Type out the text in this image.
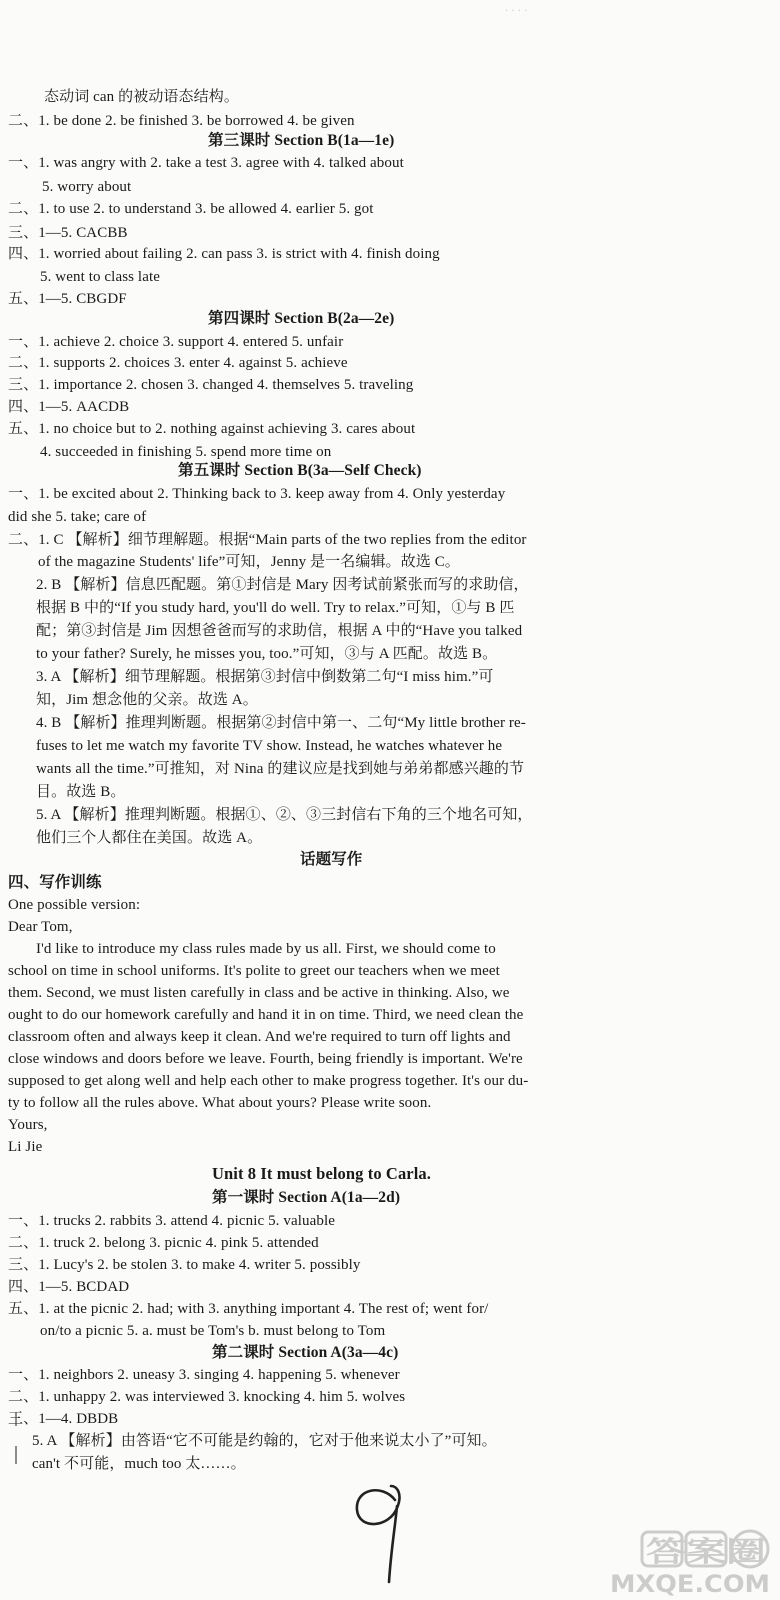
· · · ·
态动词 can 的被动语态结构。
二、1. be done 2. be finished 3. be borrowed 4. be given
第三课时 Section B(1a—1e)
一、1. was angry with 2. take a test 3. agree with 4. talked about
5. worry about
二、1. to use 2. to understand 3. be allowed 4. earlier 5. got
三、1—5. CACBB
四、1. worried about failing 2. can pass 3. is strict with 4. finish doing
5. went to class late
五、1—5. CBGDF
第四课时 Section B(2a—2e)
一、1. achieve 2. choice 3. support 4. entered 5. unfair
二、1. supports 2. choices 3. enter 4. against 5. achieve
三、1. importance 2. chosen 3. changed 4. themselves 5. traveling
四、1—5. AACDB
五、1. no choice but to 2. nothing against achieving 3. cares about
4. succeeded in finishing 5. spend more time on
第五课时 Section B(3a—Self Check)
一、1. be excited about 2. Thinking back to 3. keep away from 4. Only yesterday
did she 5. take; care of
二、1. C 【解析】细节理解题。根据“Main parts of the two replies from the editor
of the magazine Students' life”可知，Jenny 是一名编辑。故选 C。
2. B 【解析】信息匹配题。第①封信是 Mary 因考试前紧张而写的求助信，
根据 B 中的“If you study hard, you'll do well. Try to relax.”可知，①与 B 匹
配；第③封信是 Jim 因想爸爸而写的求助信，根据 A 中的“Have you talked
to your father? Surely, he misses you, too.”可知，③与 A 匹配。故选 B。
3. A 【解析】细节理解题。根据第③封信中倒数第二句“I miss him.”可
知，Jim 想念他的父亲。故选 A。
4. B 【解析】推理判断题。根据第②封信中第一、二句“My little brother re-
fuses to let me watch my favorite TV show. Instead, he watches whatever he
wants all the time.”可推知，对 Nina 的建议应是找到她与弟弟都感兴趣的节
目。故选 B。
5. A 【解析】推理判断题。根据①、②、③三封信右下角的三个地名可知，
他们三个人都住在美国。故选 A。
话题写作
四、写作训练
One possible version:
Dear Tom,
I'd like to introduce my class rules made by us all. First, we should come to
school on time in school uniforms. It's polite to greet our teachers when we meet
them. Second, we must listen carefully in class and be active in thinking. Also, we
ought to do our homework carefully and hand it in on time. Third, we need clean the
classroom often and always keep it clean. And we're required to turn off lights and
close windows and doors before we leave. Fourth, being friendly is important. We're
supposed to get along well and help each other to make progress together. It's our du-
ty to follow all the rules above. What about yours? Please write soon.
Yours,
Li Jie
Unit 8 It must belong to Carla.
第一课时 Section A(1a—2d)
一、1. trucks 2. rabbits 3. attend 4. picnic 5. valuable
二、1. truck 2. belong 3. picnic 4. pink 5. attended
三、1. Lucy's 2. be stolen 3. to make 4. writer 5. possibly
四、1—5. BCDAD
五、1. at the picnic 2. had; with 3. anything important 4. The rest of; went for/
on/to a picnic 5. a. must be Tom's b. must belong to Tom
第二课时 Section A(3a—4c)
一、1. neighbors 2. uneasy 3. singing 4. happening 5. whenever
二、1. unhappy 2. was interviewed 3. knocking 4. him 5. wolves
三、1—4. DBDB
5. A 【解析】由答语“它不可能是约翰的，它对于他来说太小了”可知。
can't 不可能，much too 太……。
答案圈
MXQE.COM
